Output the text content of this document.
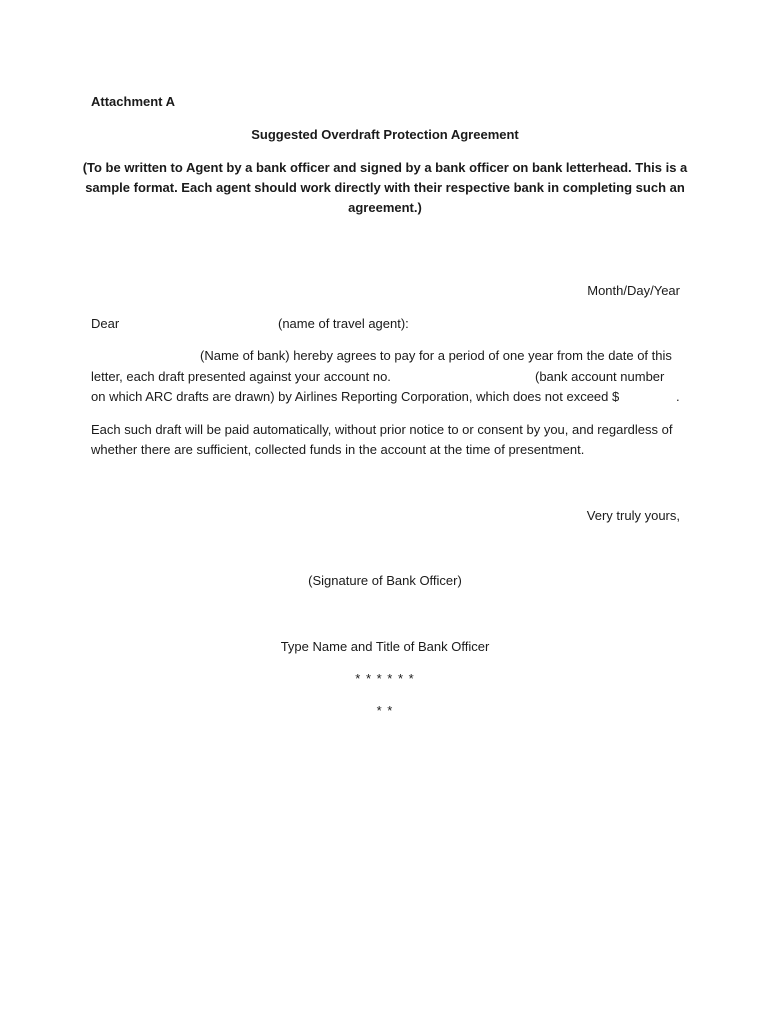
Attachment A
Suggested Overdraft Protection Agreement
(To be written to Agent by a bank officer and signed by a bank officer on bank letterhead. This is a
sample format. Each agent should work directly with their respective bank in completing such an
agreement.)
Month/Day/Year
Dear	(name of travel agent):
(Name of bank) hereby agrees to pay for a period of one year from the date of this
letter, each draft presented against your account no.	(bank account number
on which ARC drafts are drawn) by Airlines Reporting Corporation, which does not exceed $	.
Each such draft will be paid automatically, without prior notice to or consent by you, and regardless of
whether there are sufficient, collected funds in the account at the time of presentment.
Very truly yours,
(Signature of Bank Officer)
Type Name and Title of Bank Officer
* * * * * *
* *
